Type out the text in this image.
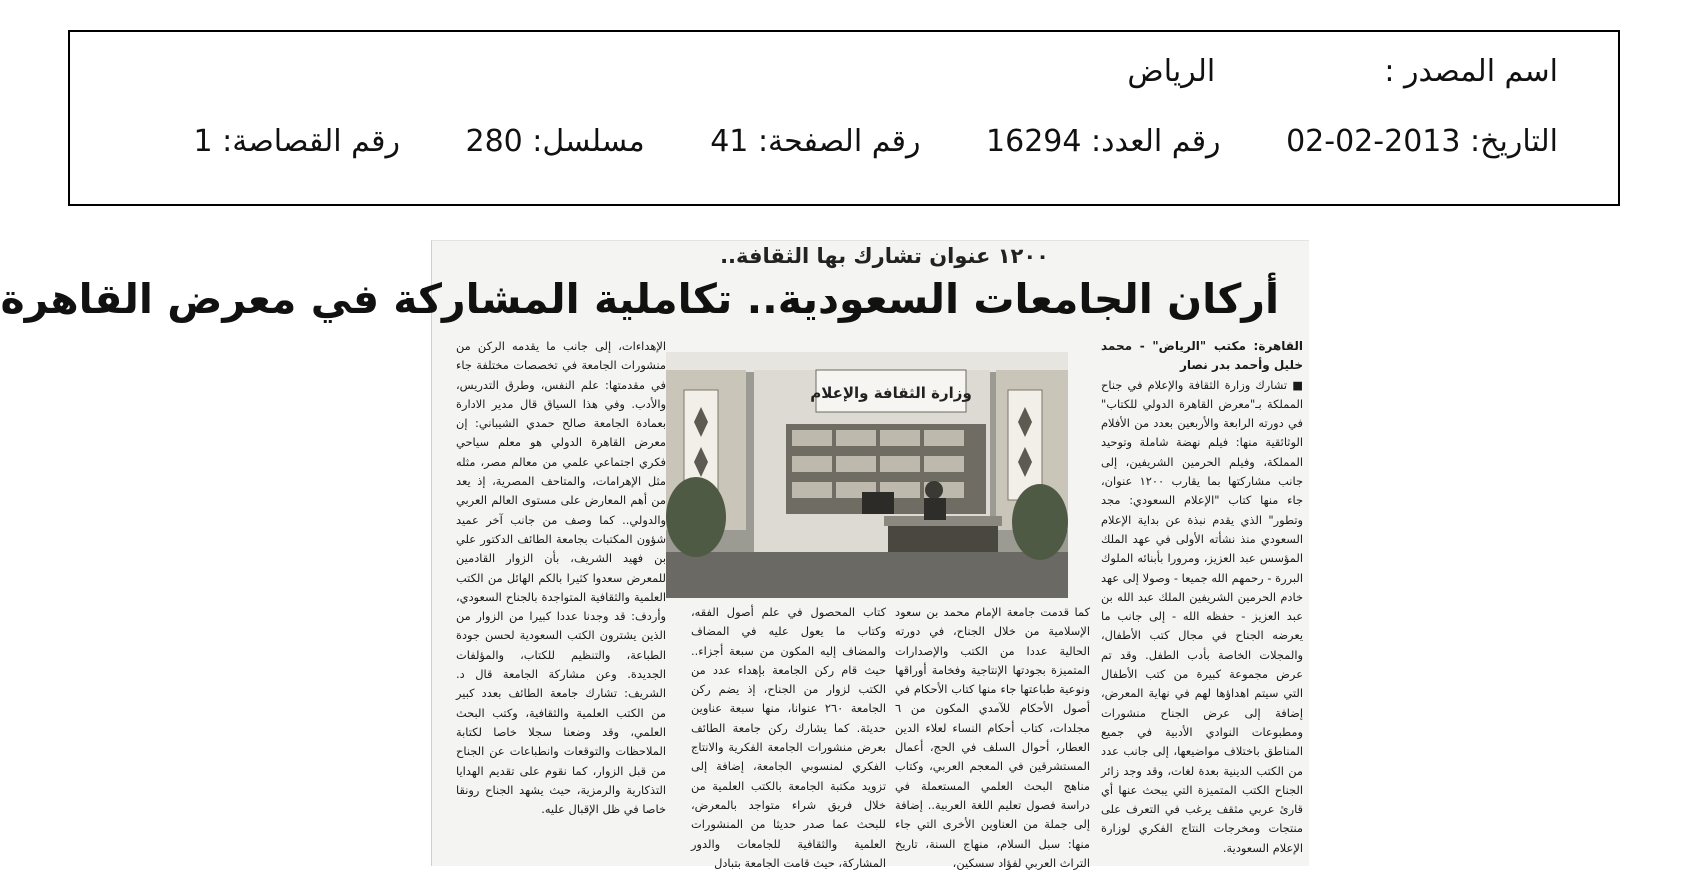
اسم المصدر :  الرياض
التاريخ: 2013-02-02 رقم العدد: 16294 رقم الصفحة: 41 مسلسل: 280 رقم القصاصة: 1
١٢٠٠ عنوان تشارك بها الثقافة..
أركان الجامعات السعودية.. تكاملية المشاركة في معرض القاهرة
القاهرة: مكتب "الرياض" - محمد خليل وأحمد بدر نصار
■ تشارك وزارة الثقافة والإعلام في جناح المملكة بـ"معرض القاهرة الدولي للكتاب" في دورته الرابعة والأربعين بعدد من الأفلام الوثائقية منها: فيلم نهضة شاملة وتوحيد المملكة، وفيلم الحرمين الشريفين، إلى جانب مشاركتها بما يقارب ١٢٠٠ عنوان، جاء منها كتاب "الإعلام السعودي: مجد وتطور" الذي يقدم نبذة عن بداية الإعلام السعودي منذ نشأته الأولى في عهد الملك المؤسس عبد العزيز، ومرورا بأبنائه الملوك البررة - رحمهم الله جميعا - وصولا إلى عهد خادم الحرمين الشريفين الملك عبد الله بن عبد العزيز - حفظه الله - إلى جانب ما يعرضه الجناح في مجال كتب الأطفال، والمجلات الخاصة بأدب الطفل. وقد تم عرض مجموعة كبيرة من كتب الأطفال التي سيتم اهداؤها لهم في نهاية المعرض، إضافة إلى عرض الجناح منشورات ومطبوعات النوادي الأدبية في جميع المناطق باختلاف مواضيعها، إلى جانب عدد من الكتب الدينية بعدة لغات، وقد وجد زائر الجناح الكتب المتميزة التي يبحث عنها أي قارئ عربي مثقف يرغب في التعرف على منتجات ومخرجات النتاج الفكري لوزارة الإعلام السعودية.
وزارة الثقافة والإعلام
كما قدمت جامعة الإمام محمد بن سعود الإسلامية من خلال الجناح، في دورته الحالية عددا من الكتب والإصدارات المتميزة بجودتها الإنتاجية وفخامة أوراقها ونوعية طباعتها جاء منها كتاب الأحكام في أصول الأحكام للآمدي المكون من ٦ مجلدات، كتاب أحكام النساء لعلاء الدين العطار، أحوال السلف في الحج، أعمال المستشرقين في المعجم العربي، وكتاب مناهج البحث العلمي المستعملة في دراسة فصول تعليم اللغة العربية.. إضافة إلى جملة من العناوين الأخرى التي جاء منها: سبل السلام، منهاج السنة، تاريخ التراث العربي لفؤاد سسكين،
كتاب المحصول في علم أصول الفقه، وكتاب ما يعول عليه في المضاف والمضاف إليه المكون من سبعة أجزاء.. حيث قام ركن الجامعة بإهداء عدد من الكتب لزوار من الجناح، إذ يضم ركن الجامعة ٢٦٠ عنوانا، منها سبعة عناوين حديثة. كما يشارك ركن جامعة الطائف بعرض منشورات الجامعة الفكرية والانتاج الفكري لمنسوبي الجامعة، إضافة إلى تزويد مكتبة الجامعة بالكتب العلمية من خلال فريق شراء متواجد بالمعرض، للبحث عما صدر حديثا من المنشورات العلمية والثقافية للجامعات والدور المشاركة، حيث قامت الجامعة بتبادل
الإهداءات، إلى جانب ما يقدمه الركن من منشورات الجامعة في تخصصات مختلفة جاء في مقدمتها: علم النفس، وطرق التدريس، والأدب. وفي هذا السياق قال مدير الادارة بعمادة الجامعة صالح حمدي الشيباني: إن معرض القاهرة الدولي هو معلم سياحي فكري اجتماعي علمي من معالم مصر، مثله مثل الإهرامات، والمتاحف المصرية، إذ يعد من أهم المعارض على مستوى العالم العربي والدولي.. كما وصف من جانب آخر عميد شؤون المكتبات بجامعة الطائف الدكتور علي بن فهيد الشريف، بأن الزوار القادمين للمعرض سعدوا كثيرا بالكم الهائل من الكتب العلمية والثقافية المتواجدة بالجناح السعودي، وأردف: قد وجدنا عددا كبيرا من الزوار من الذين يشترون الكتب السعودية لحسن جودة الطباعة، والتنظيم للكتاب، والمؤلفات الجديدة. وعن مشاركة الجامعة قال د. الشريف: تشارك جامعة الطائف بعدد كبير من الكتب العلمية والثقافية، وكتب البحث العلمي، وقد وضعنا سجلا خاصا لكتابة الملاحظات والتوقعات وانطباعات عن الجناح من قبل الزوار، كما نقوم على تقديم الهدايا التذكارية والرمزية، حيث يشهد الجناح رونقا خاصا في ظل الإقبال عليه.
